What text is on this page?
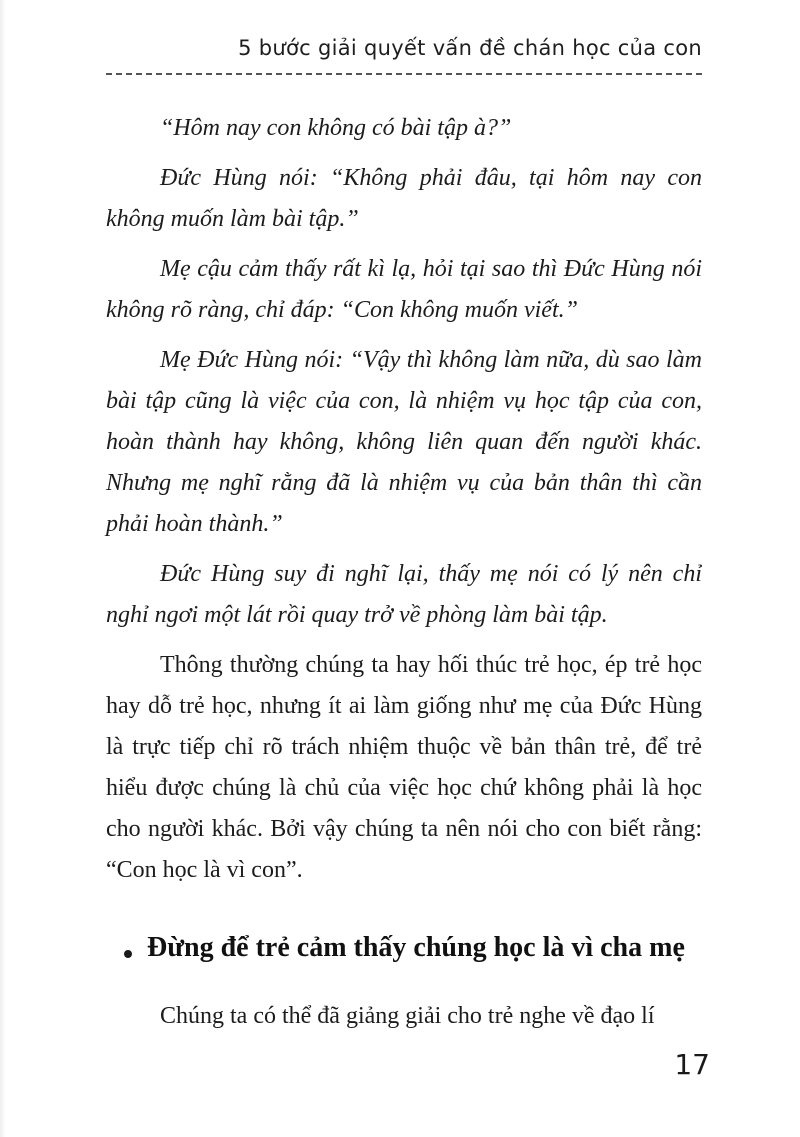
5 bước giải quyết vấn đề chán học của con

“Hôm nay con không có bài tập à?”

Đức Hùng nói: “Không phải đâu, tại hôm nay con không muốn làm bài tập.”

Mẹ cậu cảm thấy rất kì lạ, hỏi tại sao thì Đức Hùng nói không rõ ràng, chỉ đáp: “Con không muốn viết.”

Mẹ Đức Hùng nói: “Vậy thì không làm nữa, dù sao làm bài tập cũng là việc của con, là nhiệm vụ học tập của con, hoàn thành hay không, không liên quan đến người khác. Nhưng mẹ nghĩ rằng đã là nhiệm vụ của bản thân thì cần phải hoàn thành.”

Đức Hùng suy đi nghĩ lại, thấy mẹ nói có lý nên chỉ nghỉ ngơi một lát rồi quay trở về phòng làm bài tập.

Thông thường chúng ta hay hối thúc trẻ học, ép trẻ học hay dỗ trẻ học, nhưng ít ai làm giống như mẹ của Đức Hùng là trực tiếp chỉ rõ trách nhiệm thuộc về bản thân trẻ, để trẻ hiểu được chúng là chủ của việc học chứ không phải là học cho người khác. Bởi vậy chúng ta nên nói cho con biết rằng: “Con học là vì con”.

Đừng để trẻ cảm thấy chúng học là vì cha mẹ
Chúng ta có thể đã giảng giải cho trẻ nghe về đạo lí
17
